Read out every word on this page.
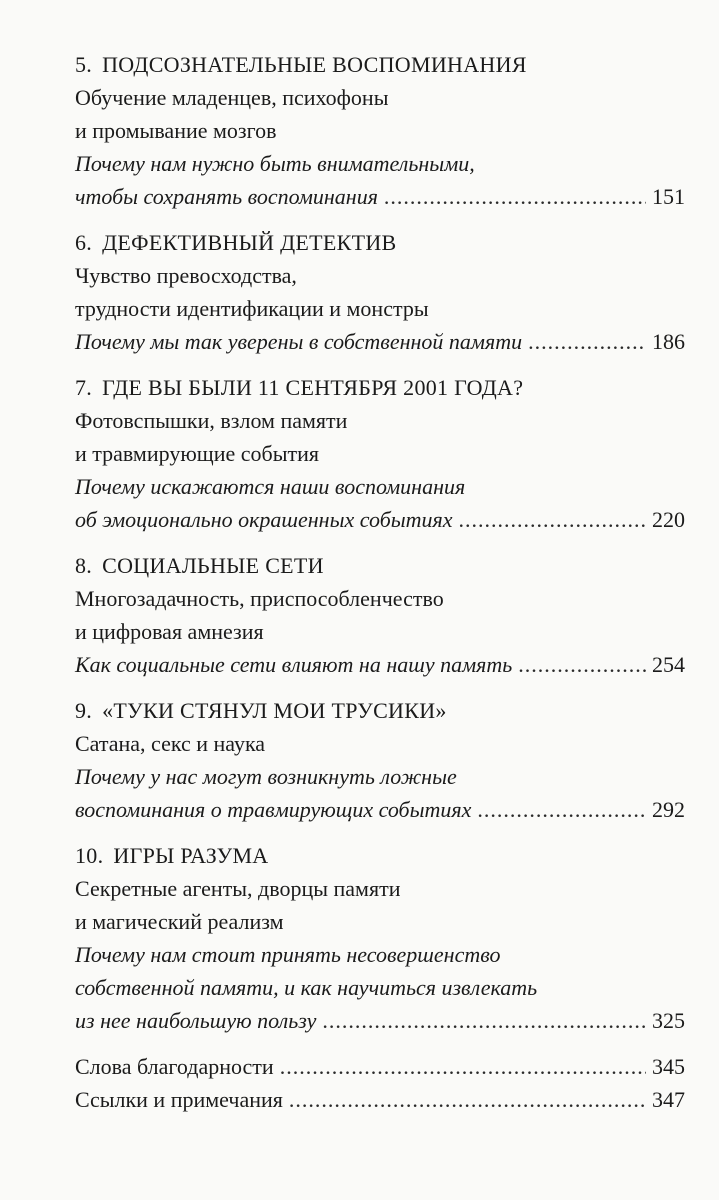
5. ПОДСОЗНАТЕЛЬНЫЕ ВОСПОМИНАНИЯ
Обучение младенцев, психофоны
и промывание мозгов
Почему нам нужно быть внимательными,
чтобы сохранять воспоминания .....	151
6. ДЕФЕКТИВНЫЙ ДЕТЕКТИВ
Чувство превосходства,
трудности идентификации и монстры
Почему мы так уверены в собственной памяти .....	186
7. ГДЕ ВЫ БЫЛИ 11 СЕНТЯБРЯ 2001 ГОДА?
Фотовспышки, взлом памяти
и травмирующие события
Почему искажаются наши воспоминания
об эмоционально окрашенных событиях .....	220
8. СОЦИАЛЬНЫЕ СЕТИ
Многозадачность, приспособленчество
и цифровая амнезия
Как социальные сети влияют на нашу память .....	254
9. «ТУКИ СТЯНУЛ МОИ ТРУСИКИ»
Сатана, секс и наука
Почему у нас могут возникнуть ложные
воспоминания о травмирующих событиях .....	292
10. ИГРЫ РАЗУМА
Секретные агенты, дворцы памяти
и магический реализм
Почему нам стоит принять несовершенство
собственной памяти, и как научиться извлекать
из нее наибольшую пользу .....	325
Слова благодарности .....	345
Ссылки и примечания .....	347
